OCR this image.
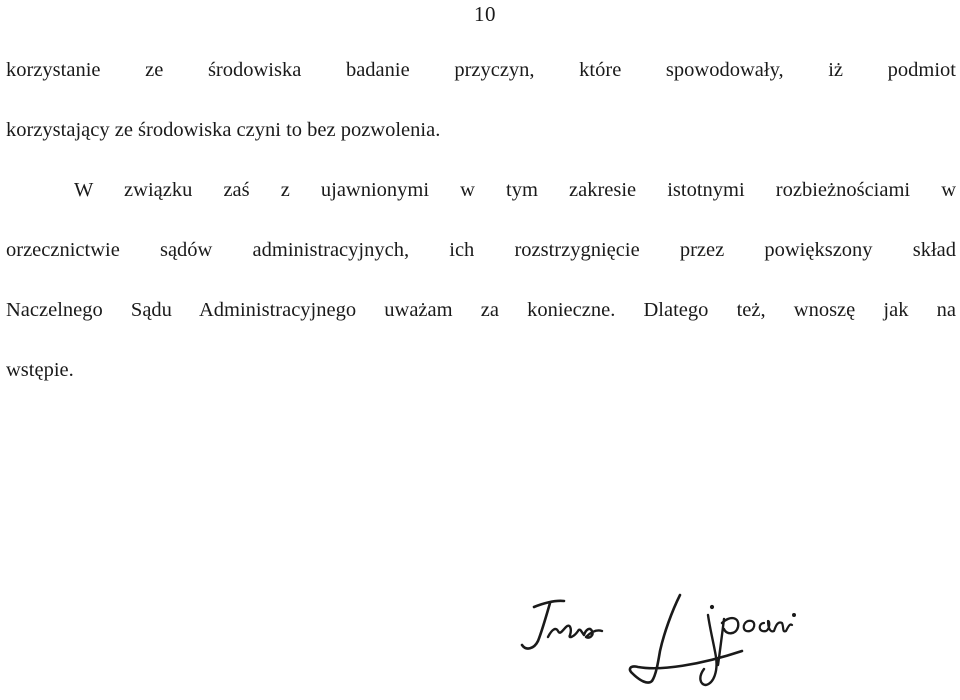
10
korzystanie ze środowiska badanie przyczyn, które spowodowały, iż podmiot
korzystający ze środowiska czyni to bez pozwolenia.
W związku zaś z ujawnionymi w tym zakresie istotnymi rozbieżnościami w
orzecznictwie sądów administracyjnych, ich rozstrzygnięcie przez powiększony skład
Naczelnego Sądu Administracyjnego uważam za konieczne. Dlatego też, wnoszę jak na
wstępie.
